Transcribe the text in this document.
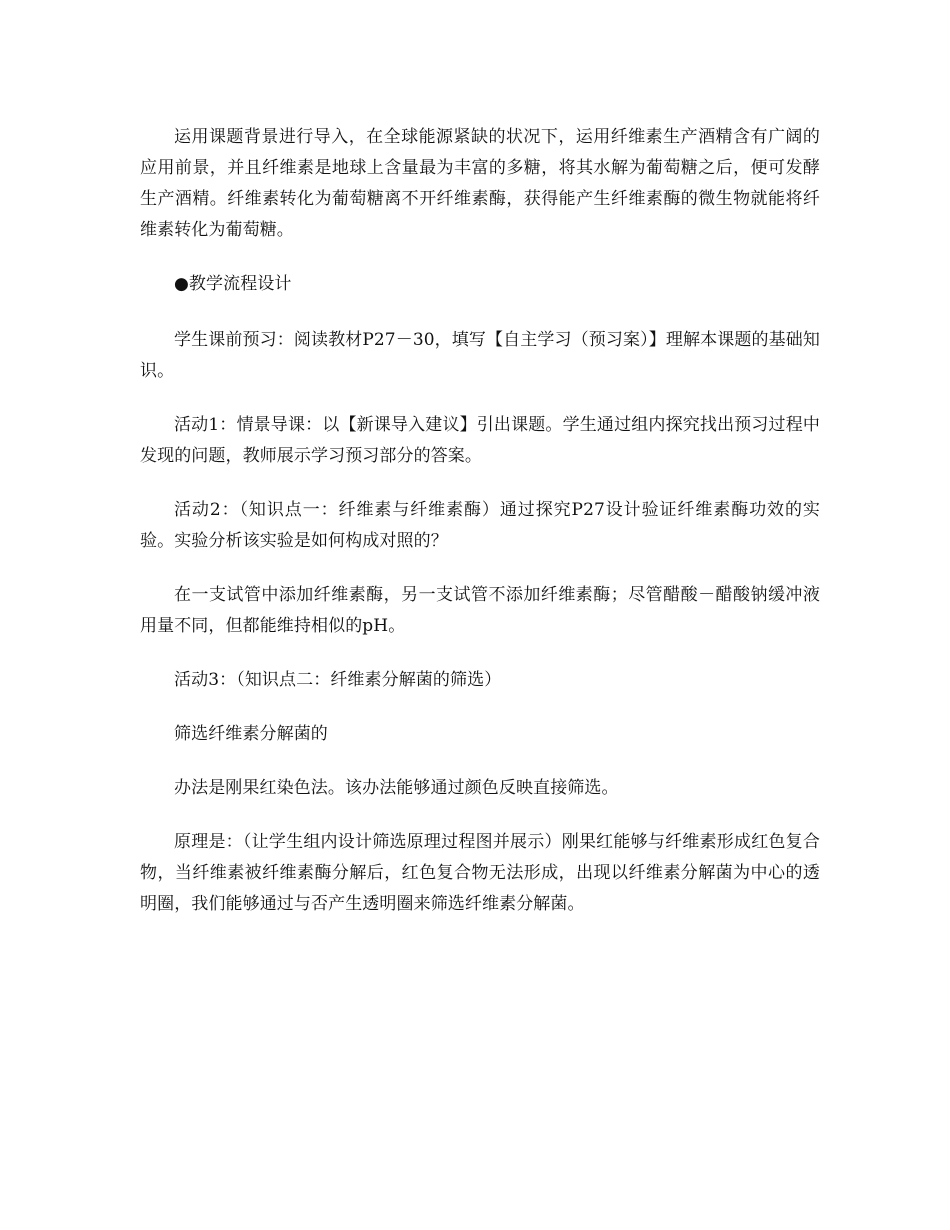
运用课题背景进行导入，在全球能源紧缺的状况下，运用纤维素生产酒精含有广阔的应用前景，并且纤维素是地球上含量最为丰富的多糖，将其水解为葡萄糖之后，便可发酵生产酒精。纤维素转化为葡萄糖离不开纤维素酶，获得能产生纤维素酶的微生物就能将纤维素转化为葡萄糖。

●教学流程设计

学生课前预习：阅读教材P27－30，填写【自主学习（预习案）】理解本课题的基础知识。

活动1：情景导课：以【新课导入建议】引出课题。学生通过组内探究找出预习过程中发现的问题，教师展示学习预习部分的答案。

活动2：（知识点一：纤维素与纤维素酶）通过探究P27设计验证纤维素酶功效的实验。实验分析该实验是如何构成对照的？

在一支试管中添加纤维素酶，另一支试管不添加纤维素酶；尽管醋酸－醋酸钠缓冲液用量不同，但都能维持相似的pH。

活动3：（知识点二：纤维素分解菌的筛选）

筛选纤维素分解菌的

办法是刚果红染色法。该办法能够通过颜色反映直接筛选。

原理是：（让学生组内设计筛选原理过程图并展示）刚果红能够与纤维素形成红色复合物，当纤维素被纤维素酶分解后，红色复合物无法形成，出现以纤维素分解菌为中心的透明圈，我们能够通过与否产生透明圈来筛选纤维素分解菌。
